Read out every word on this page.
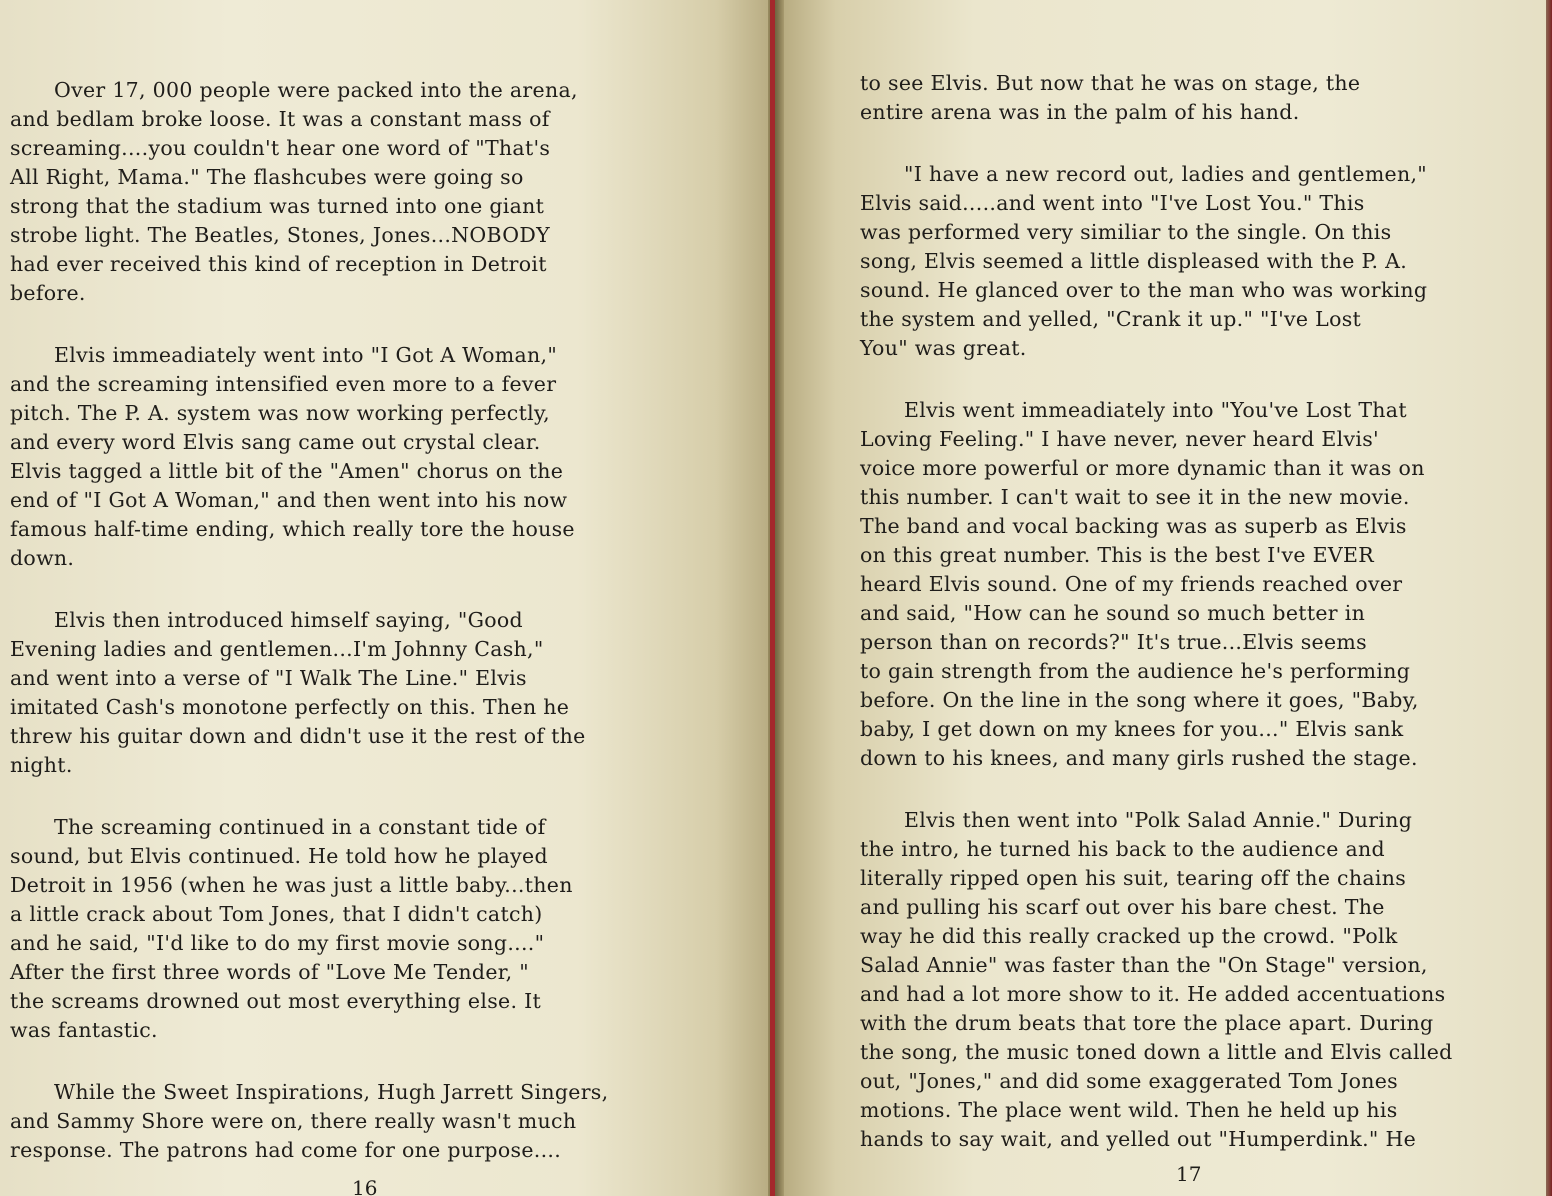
Over 17, 000 people were packed into the arena,
and bedlam broke loose. It was a constant mass of
screaming....you couldn't hear one word of "That's
All Right, Mama." The flashcubes were going so
strong that the stadium was turned into one giant
strobe light. The Beatles, Stones, Jones...NOBODY
had ever received this kind of reception in Detroit
before.

Elvis immeadiately went into "I Got A Woman,"
and the screaming intensified even more to a fever
pitch. The P. A. system was now working perfectly,
and every word Elvis sang came out crystal clear.
Elvis tagged a little bit of the "Amen" chorus on the
end of "I Got A Woman," and then went into his now
famous half-time ending, which really tore the house
down.

Elvis then introduced himself saying, "Good
Evening ladies and gentlemen...I'm Johnny Cash,"
and went into a verse of "I Walk The Line." Elvis
imitated Cash's monotone perfectly on this. Then he
threw his guitar down and didn't use it the rest of the
night.

The screaming continued in a constant tide of
sound, but Elvis continued. He told how he played
Detroit in 1956 (when he was just a little baby...then
a little crack about Tom Jones, that I didn't catch)
and he said, "I'd like to do my first movie song...."
After the first three words of "Love Me Tender, "
the screams drowned out most everything else. It
was fantastic.

While the Sweet Inspirations, Hugh Jarrett Singers,
and Sammy Shore were on, there really wasn't much
response. The patrons had come for one purpose....

to see Elvis. But now that he was on stage, the
entire arena was in the palm of his hand.

"I have a new record out, ladies and gentlemen,"
Elvis said.....and went into "I've Lost You." This
was performed very similiar to the single. On this
song, Elvis seemed a little displeased with the P. A.
sound. He glanced over to the man who was working
the system and yelled, "Crank it up." "I've Lost
You" was great.

Elvis went immeadiately into "You've Lost That
Loving Feeling." I have never, never heard Elvis'
voice more powerful or more dynamic than it was on
this number. I can't wait to see it in the new movie.
The band and vocal backing was as superb as Elvis
on this great number. This is the best I've EVER
heard Elvis sound. One of my friends reached over
and said, "How can he sound so much better in
person than on records?" It's true...Elvis seems
to gain strength from the audience he's performing
before. On the line in the song where it goes, "Baby,
baby, I get down on my knees for you..." Elvis sank
down to his knees, and many girls rushed the stage.

Elvis then went into "Polk Salad Annie." During
the intro, he turned his back to the audience and
literally ripped open his suit, tearing off the chains
and pulling his scarf out over his bare chest. The
way he did this really cracked up the crowd. "Polk
Salad Annie" was faster than the "On Stage" version,
and had a lot more show to it. He added accentuations
with the drum beats that tore the place apart. During
the song, the music toned down a little and Elvis called
out, "Jones," and did some exaggerated Tom Jones
motions. The place went wild. Then he held up his
hands to say wait, and yelled out "Humperdink." He

16
17
